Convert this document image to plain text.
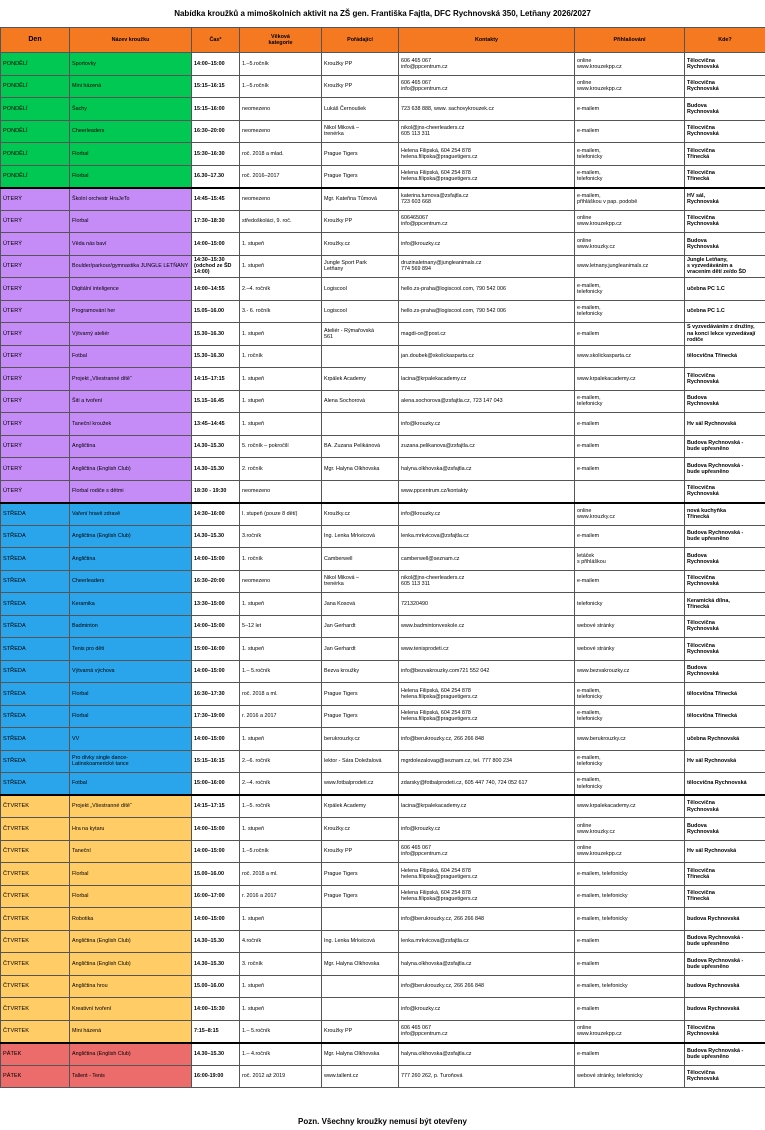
Nabídka kroužků a mimoškolních aktivit na ZŠ gen. Františka Fajtla, DFC Rychnovská 350, Letňany 2026/2027
Den	Název kroužku	Čas*	Věková
kategorie	Pořádající	Kontakty	Přihlašování	Kde?
PONDĚLÍ	Sportovky	14:00–15:00	1.–5.ročník	Kroužky PP	606 465 067
info@ppcentrum.cz	online
www.krouzekpp.cz	Tělocvična
Rychnovská
PONDĚLÍ	Mini házená	15:15–16:15	1.–5.ročník	Kroužky PP	606 465 067
info@ppcentrum.cz	online
www.krouzekpp.cz	Tělocvična
Rychnovská
PONDĚLÍ	Šachy	15:15–16:00	neomezeno	Lukáš Černoušek	723 638 888, www. sachovykrouzek.cz	e-mailem	Budova
Rychnovská
PONDĚLÍ	Cheerleaders	16:30–20:00	neomezeno	Nikol Miková –
trenérka	nikol@jns-cheerleaders.cz
605 113 311	e-mailem	Tělocvična
Rychnovská
PONDĚLÍ	Florbal	15:30–16:30	roč. 2018 a mlad.	Prague Tigers	Helena Filipská, 604 254 878
helena.filipska@praguetigers.cz	e-mailem,
telefonicky	Tělocvična
Třinecká
PONDĚLÍ	Florbal	16.30–17.30	roč. 2016–2017	Prague Tigers	Helena Filipská, 604 254 878
helena.filipska@praguetigers.cz	e-mailem,
telefonicky	Tělocvična
Třinecká
ÚTERÝ	Školní orchestr HraJeTo	14:45–15:45	neomezeno	Mgr. Kateřina Tůmová	katerina.tumova@zsfajtla.cz
723 603 668	e-mailem,
přihláškou v pap. podobě	HV sál,
Rychnovská
ÚTERÝ	Florbal	17:30–18:30	středoškoláci, 9. roč.	Kroužky PP	606465067
info@ppcentrum.cz	online
www.krouzekpp.cz	Tělocvična
Rychnovská
ÚTERÝ	Věda nás baví	14:00–15:00	1. stupeň	Kroužky.cz	info@krouzky.cz	online
www.krouzky.cz	Budova
Rychnovská
ÚTERÝ	Boulder/parkour/gymnastika JUNGLE LETŇANY	14:30–15:30
(odchod ze ŠD 14:00)	1. stupeň	Jungle Sport Park
Letňany	druzinaletnany@jungleanimals.cz
774 569 894	www.letnany.jungleanimals.cz	Jungle Letňany,
s vyzvedáváním a
vracením dětí ze/do ŠD
ÚTERÝ	Digitální inteligence	14:00–14:55	2.–4. ročník	Logiscool	hello.zs-praha@logiscool.com, 790 542 006	e-mailem,
telefonicky	učebna PC 1.C
ÚTERÝ	Programování her	15.05–16.00	3.- 6. ročník	Logiscool	hello.zs-praha@logiscool.com, 790 542 006	e-mailem,
telefonicky	učebna PC 1.C
ÚTERÝ	Výtvarný ateliér	15.30–16.30	1. stupeň	Ateliér - Rýmařovská
561	magdi-ce@post.cz	e-mailem	S vyzvedáváním z družiny,
na konci lekce vyzvedávají
rodiče
ÚTERÝ	Fotbal	15.30–16.30	1. ročník		jan.doubek@skolickasparta.cz	www.skolickasparta.cz	tělocvična Třinecká
ÚTERÝ	Projekt „Všestranné dítě“	14:15–17:15	1. stupeň	Krpálek Academy	lacina@krpalekacademy.cz	www.krpalekacademy.cz	Tělocvična
Rychnovská
ÚTERÝ	Šití a tvoření	15.15–16.45	1. stupeň	Alena Sochorová	alena.sochorova@zsfajtla.cz, 723 147 043	e-mailem,
telefonicky	Budova
Rychnovská
ÚTERÝ	Taneční kroužek	13:45–14:45	1. stupeň		info@krouzky.cz	e-mailem	Hv sál Rychnovská
ÚTERÝ	Angličtina	14.30–15.30	5. ročník – pokročilí	BA. Zuzana Pelikánová	zuzana.pelikanova@zsfajtla.cz	e-mailem	Budova Rychnovská -
bude upřesněno
ÚTERÝ	Angličtina (English Club)	14.30–15.30	2. ročník	Mgr. Halyna Olkhovska	halyna.olkhovska@zsfajtla.cz	e-mailem	Budova Rychnovská -
bude upřesněno
ÚTERÝ	Florbal rodiče s dětmi	18:30 - 19:30	neomezeno		www.ppcentrum.cz/kontakty		Tělocvična
Rychnovská
STŘEDA	Vaření hravě zdravě	14:30–16:00	I. stupeň (pouze 8 dětí)	Kroužky.cz	info@krouzky.cz	online
www.krouzky.cz	nová kuchyňka
Třinecká
STŘEDA	Angličtina (English Club)	14.30–15.30	3.ročník	Ing. Lenka Mrkvicová	lenka.mrkvicova@zsfajtla.cz	e-mailem	Budova Rychnovská -
bude upřesněno
STŘEDA	Angličtina	14:00–15:00	1. ročník	Camberwell	camberwell@seznam.cz	letáček
s přihláškou	Budova
Rychnovská
STŘEDA	Cheerleaders	16:30–20:00	neomezeno	Nikol Miková –
trenérka	nikol@jns-cheerleaders.cz
605 113 311	e-mailem	Tělocvična
Rychnovská
STŘEDA	Keramika	13:30–15:00	1. stupeň	Jana Kosová	721320490	telefonicky	Keramická dílna,
Třinecká
STŘEDA	Badminton	14:00–15:00	5–12 let	Jan Gerhardt	www.badmintonveskole.cz	webové stránky	Tělocvična
Rychnovská
STŘEDA	Tenis pro děti	15:00–16:00	1. stupeň	Jan Gerhardt	www.tenisprodeti.cz	webové stránky	Tělocvična
Rychnovská
STŘEDA	Výtvarná výchova	14:00–15:00	1.– 5.ročník	Bezva kroužky	info@bezvakrouzky.com721 552 042	www.bezvakrouzky.cz	Budova
Rychnovská
STŘEDA	Florbal	16:30–17:30	roč. 2018 a ml.	Prague Tigers	Helena Filipská, 604 254 878
helena.filipska@praguetigers.cz	e-mailem,
telefonicky	tělocvična Třinecká
STŘEDA	Florbal	17:30–19:00	r. 2016 a 2017	Prague Tigers	Helena Filipská, 604 254 878
helena.filipska@praguetigers.cz	e-mailem,
telefonicky	tělocvična Třinecká
STŘEDA	VV	14:00–15:00	1. stupeň	berukrouzky.cz	info@berukrouzky.cz, 266 266 848	www.berukrouzky.cz	učebna Rychnovská
STŘEDA	Pro dívky single dance-
Latinskoamerické tance	15:15–16:15	2.–6. ročník	lektor - Sára Doležalová	mgrdolezalovag@seznam.cz, tel. 777 800 234	e-mailem,
telefonicky	Hv sál Rychnovská
STŘEDA	Fotbal	15:00–16:00	2.–4. ročník	www.fotbalprodeti.cz	zdarsky@fotbalprodeti.cz, 605 447 740, 724 052 617	e-mailem,
telefonicky	tělocvična Rychnovská
ČTVRTEK	Projekt „Všestranné dítě“	14:15–17:15	1.–5. ročník	Krpálek Academy	lacina@krpalekacademy.cz	www.krpalekacademy.cz	Tělocvična
Rychnovská
ČTVRTEK	Hra na kytaru	14:00–15:00	1. stupeň	Kroužky.cz	info@krouzky.cz	online
www.krouzky.cz	Budova
Rychnovská
ČTVRTEK	Taneční	14:00–15:00	1.–5.ročník	Kroužky PP	606 465 067
info@ppcentrum.cz	online
www.krouzekpp.cz	Hv sál Rychnovská
ČTVRTEK	Florbal	15.00–16.00	roč. 2018 a ml.	Prague Tigers	Helena Filipská, 604 254 878
helena.filipska@praguetigers.cz	e-mailem, telefonicky	Tělocvična
Třinecká
ČTVRTEK	Florbal	16:00–17:00	r. 2016 a 2017	Prague Tigers	Helena Filipská, 604 254 878
helena.filipska@praguetigers.cz	e-mailem, telefonicky	Tělocvična
Třinecká
ČTVRTEK	Robotika	14:00–15:00	1. stupeň		info@berukrouzky.cz, 266 266 848	e-mailem, telefonicky	budova Rychnovská
ČTVRTEK	Angličtina (English Club)	14.30–15.30	4.ročník	Ing. Lenka Mrkvicová	lenka.mrkvicova@zsfajtla.cz	e-mailem	Budova Rychnovská -
bude upřesněno
ČTVRTEK	Angličtina (English Club)	14.30–15.30	3. ročník	Mgr. Halyna Olkhovska	halyna.olkhovska@zsfajtla.cz	e-mailem	Budova Rychnovská -
bude upřesněno
ČTVRTEK	Angličtina hrou	15.00–16.00	1. stupeň		info@berukrouzky.cz, 266 266 848	e-mailem, telefonicky	budova Rychnovská
ČTVRTEK	Kreativní tvoření	14:00–15:30	1. stupeň		info@krouzky.cz	e-mailem	budova Rychnovská
ČTVRTEK	Mini házená	7:15–8:15	1.– 5.ročník	Kroužky PP	606 465 067
info@ppcentrum.cz	online
www.krouzekpp.cz	Tělocvična
Rychnovská
PÁTEK	Angličtina (English Club)	14.30–15.30	1.– 4.ročník	Mgr. Halyna Olkhovska	halyna.olkhovska@zsfajtla.cz	e-mailem	Budova Rychnovská -
bude upřesněno
PÁTEK	Tallent - Tenis	16:00-19:00	roč. 2012 až 2019	www.tallent.cz	777 260 262, p. Turoňová	webové stránky, telefonicky	Tělocvična
Rychnovská
Pozn. Všechny kroužky nemusí být otevřeny
